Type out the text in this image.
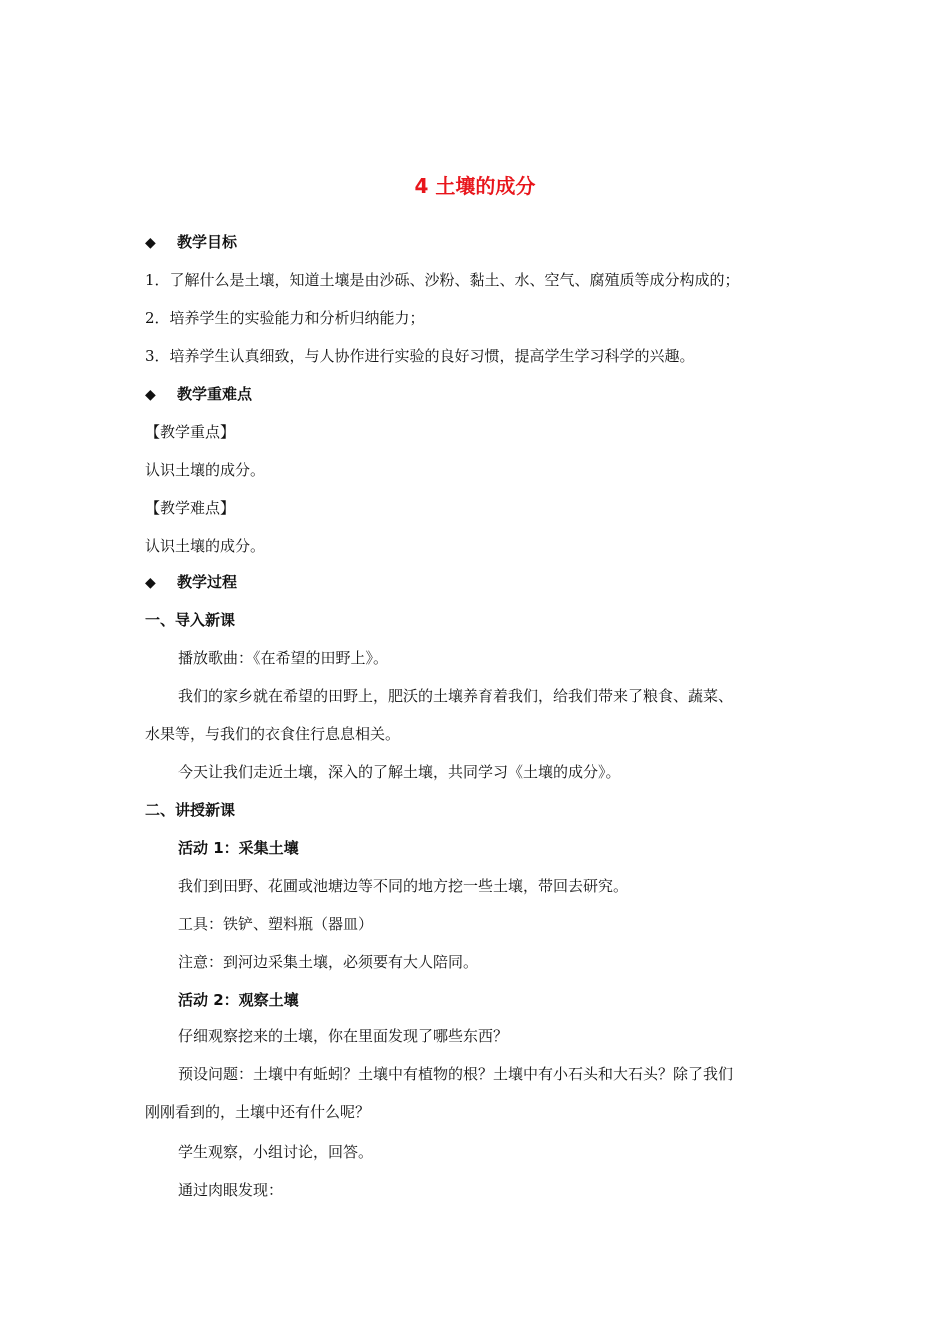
4 土壤的成分
◆ 教学目标
1．了解什么是土壤，知道土壤是由沙砾、沙粉、黏土、水、空气、腐殖质等成分构成的；
2．培养学生的实验能力和分析归纳能力；
3．培养学生认真细致，与人协作进行实验的良好习惯，提高学生学习科学的兴趣。
◆ 教学重难点
【教学重点】
认识土壤的成分。
【教学难点】
认识土壤的成分。
◆ 教学过程
一、导入新课
播放歌曲：《在希望的田野上》。
我们的家乡就在希望的田野上，肥沃的土壤养育着我们，给我们带来了粮食、蔬菜、
水果等，与我们的衣食住行息息相关。
今天让我们走近土壤，深入的了解土壤，共同学习《土壤的成分》。
二、讲授新课
活动 1：采集土壤
我们到田野、花圃或池塘边等不同的地方挖一些土壤，带回去研究。
工具：铁铲、塑料瓶（器皿）
注意：到河边采集土壤，必须要有大人陪同。
活动 2：观察土壤
仔细观察挖来的土壤，你在里面发现了哪些东西？
预设问题：土壤中有蚯蚓？土壤中有植物的根？土壤中有小石头和大石头？除了我们
刚刚看到的，土壤中还有什么呢？
学生观察，小组讨论，回答。
通过肉眼发现：
